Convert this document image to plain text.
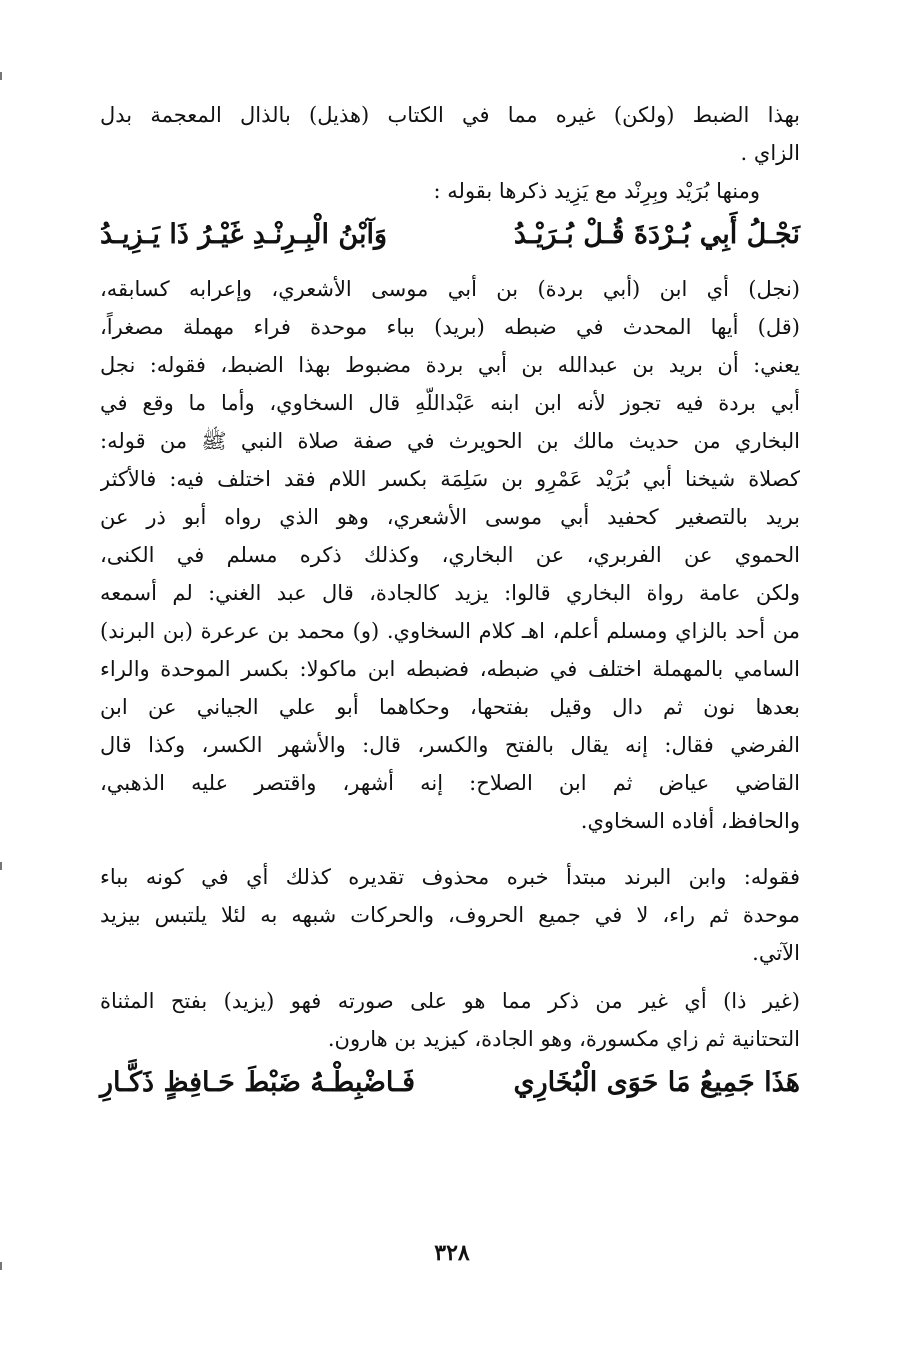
بهذا الضبط (ولكن) غيره مما في الكتاب (هذيل) بالذال المعجمة بدل
الزاي .
ومنها بُرَيْد وبِرِنْد مع يَزِيد ذكرها بقوله :
نَجْـلُ أَبِي بُـرْدَةَ قُـلْ بُـرَيْـدُ
وَآبْنُ الْبِـرِنْـدِ غَيْـرُ ذَا يَـزِيـدُ
(نجل) أي ابن (أبي بردة) بن أبي موسى الأشعري، وإعرابه كسابقه،
(قل) أيها المحدث في ضبطه (بريد) بباء موحدة فراء مهملة مصغراً،
يعني: أن بريد بن عبدالله بن أبي بردة مضبوط بهذا الضبط، فقوله: نجل
أبي بردة فيه تجوز لأنه ابن ابنه عَبْداللّهِ قال السخاوي، وأما ما وقع في
البخاري من حديث مالك بن الحويرث في صفة صلاة النبي ﷺ من قوله:
كصلاة شيخنا أبي بُرَيْد عَمْرِو بن سَلِمَة بكسر اللام فقد اختلف فيه: فالأكثر
بريد بالتصغير كحفيد أبي موسى الأشعري، وهو الذي رواه أبو ذر عن
الحموي عن الفربري، عن البخاري، وكذلك ذكره مسلم في الكنى،
ولكن عامة رواة البخاري قالوا: يزيد كالجادة، قال عبد الغني: لم أسمعه
من أحد بالزاي ومسلم أعلم، اهـ كلام السخاوي. (و) محمد بن عرعرة (بن البرند)
السامي بالمهملة اختلف في ضبطه، فضبطه ابن ماكولا: بكسر الموحدة والراء
بعدها نون ثم دال وقيل بفتحها، وحكاهما أبو علي الجياني عن ابن
الفرضي فقال: إنه يقال بالفتح والكسر، قال: والأشهر الكسر، وكذا قال
القاضي عياض ثم ابن الصلاح: إنه أشهر، واقتصر عليه الذهبي،
والحافظ، أفاده السخاوي.
فقوله: وابن البرند مبتدأ خبره محذوف تقديره كذلك أي في كونه بباء
موحدة ثم راء، لا في جميع الحروف، والحركات شبهه به لئلا يلتبس بيزيد
الآتي.
(غير ذا) أي غير من ذكر مما هو على صورته فهو (يزيد) بفتح المثناة
التحتانية ثم زاي مكسورة، وهو الجادة، كيزيد بن هارون.
هَذَا جَمِيعُ مَا حَوَى الْبُخَارِي
فَـاضْبِطْـهُ ضَبْطَ حَـافِظٍ ذَكَّـارِ
٣٢٨
